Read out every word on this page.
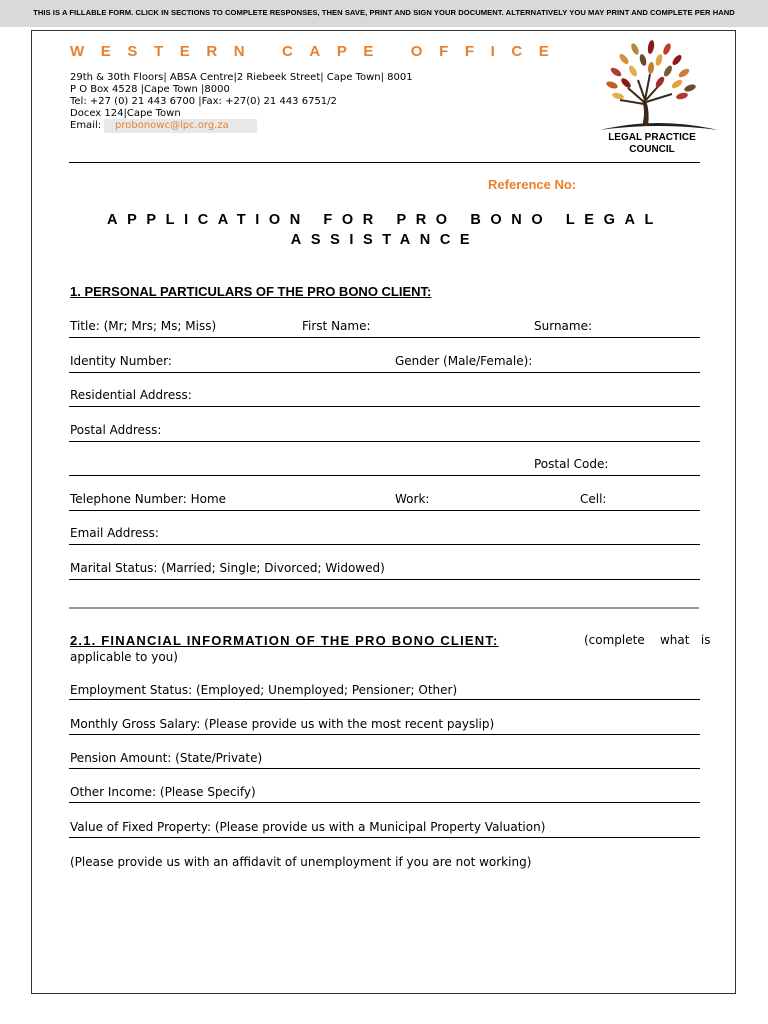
THIS IS A FILLABLE FORM. CLICK IN SECTIONS TO COMPLETE RESPONSES, THEN SAVE, PRINT AND SIGN YOUR DOCUMENT. ALTERNATIVELY YOU MAY PRINT AND COMPLETE PER HAND
WESTERN CAPE OFFICE
29th & 30th Floors| ABSA Centre|2 Riebeek Street| Cape Town| 8001
P O Box 4528 |Cape Town |8000
Tel: +27 (0) 21 443 6700 |Fax: +27(0) 21 443 6751/2
Docex 124|Cape Town
Email: probonowc@lpc.org.za
LEGAL PRACTICE
COUNCIL
Reference No:
APPLICATION FOR PRO BONO LEGAL
ASSISTANCE
1. PERSONAL PARTICULARS OF THE PRO BONO CLIENT:
Title: (Mr; Mrs; Ms; Miss)	First Name:	Surname:
Identity Number:	Gender (Male/Female):
Residential Address:
Postal Address:
Postal Code:
Telephone Number: Home	Work:	Cell:
Email Address:
Marital Status: (Married; Single; Divorced; Widowed)
2.1. FINANCIAL INFORMATION OF THE PRO BONO CLIENT:	(complete    what   is
applicable to you)
Employment Status: (Employed; Unemployed; Pensioner; Other)
Monthly Gross Salary: (Please provide us with the most recent payslip)
Pension Amount: (State/Private)
Other Income: (Please Specify)
Value of Fixed Property: (Please provide us with a Municipal Property Valuation)
(Please provide us with an affidavit of unemployment if you are not working)
